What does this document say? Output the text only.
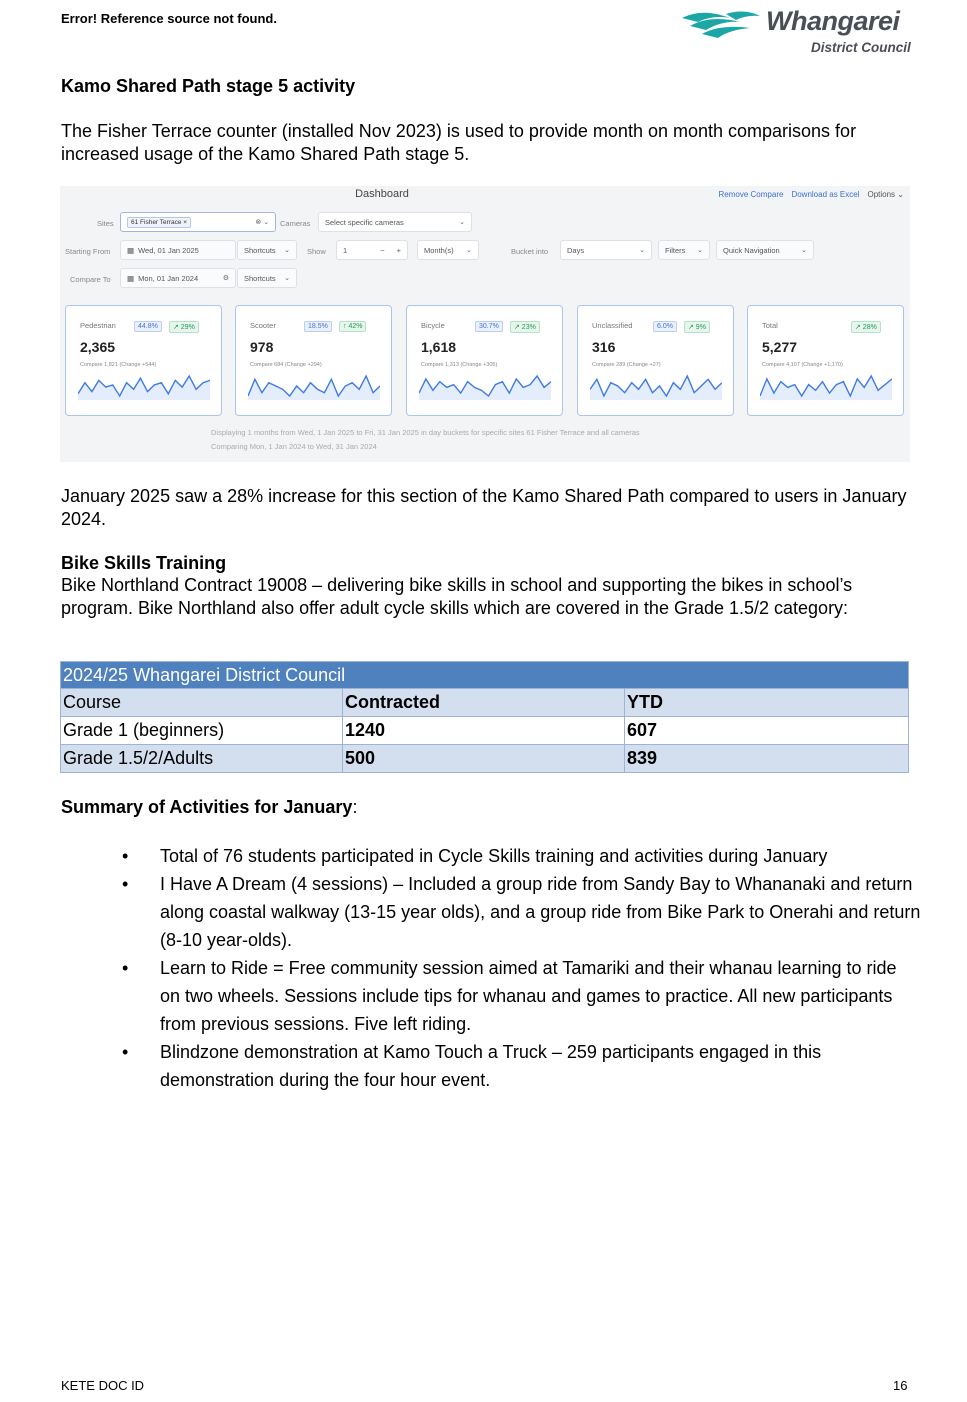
Error! Reference source not found.	Whangarei
District Council
Kamo Shared Path stage 5 activity
The Fisher Terrace counter (installed Nov 2023) is used to provide month on month comparisons for increased usage of the Kamo Shared Path stage 5.
Dashboard	Remove Compare Download as Excel Options ⌄
Sites	61 Fisher Terrace ×	⊗ ⌄ Cameras Select specific cameras	⌄
Starting From ▦ Wed, 01 Jan 2025	Shortcuts ⌄ Show 1	− +	Month(s) ⌄	Bucket into	Days	⌄	Filters ⌄	Quick Navigation	⌄
Compare To ▦ Mon, 01 Jan 2024	⚙ Shortcuts ⌄
Pedestrian	44.8%	↗ 29%
2,365
Compare 1,821 (Change +544)
Scooter	18.5%	↑ 42%
978
Compare 684 (Change +294)
Bicycle	30.7%	↗ 23%
1,618
Compare 1,313 (Change +305)
Unclassified	6.0%	↗ 9%
316
Compare 289 (Change +27)
Total	↗ 28%
5,277
Compare 4,107 (Change +1,170)
Displaying 1 months from Wed, 1 Jan 2025 to Fri, 31 Jan 2025 in day buckets for specific sites 61 Fisher Terrace and all cameras
Comparing Mon, 1 Jan 2024 to Wed, 31 Jan 2024
January 2025 saw a 28% increase for this section of the Kamo Shared Path compared to users in January 2024.
Bike Skills Training
Bike Northland Contract 19008 – delivering bike skills in school and supporting the bikes in school’s program. Bike Northland also offer adult cycle skills which are covered in the Grade 1.5/2 category:
2024/25 Whangarei District Council		
Course	Contracted	YTD
Grade 1 (beginners)	1240	607
Grade 1.5/2/Adults	500	839
Summary of Activities for January:
• Total of 76 students participated in Cycle Skills training and activities during January
• I Have A Dream (4 sessions) – Included a group ride from Sandy Bay to Whananaki and return along coastal walkway (13-15 year olds), and a group ride from Bike Park to Onerahi and return (8-10 year-olds).
• Learn to Ride = Free community session aimed at Tamariki and their whanau learning to ride on two wheels. Sessions include tips for whanau and games to practice. All new participants from previous sessions. Five left riding.
• Blindzone demonstration at Kamo Touch a Truck – 259 participants engaged in this demonstration during the four hour event.
KETE DOC ID	16
